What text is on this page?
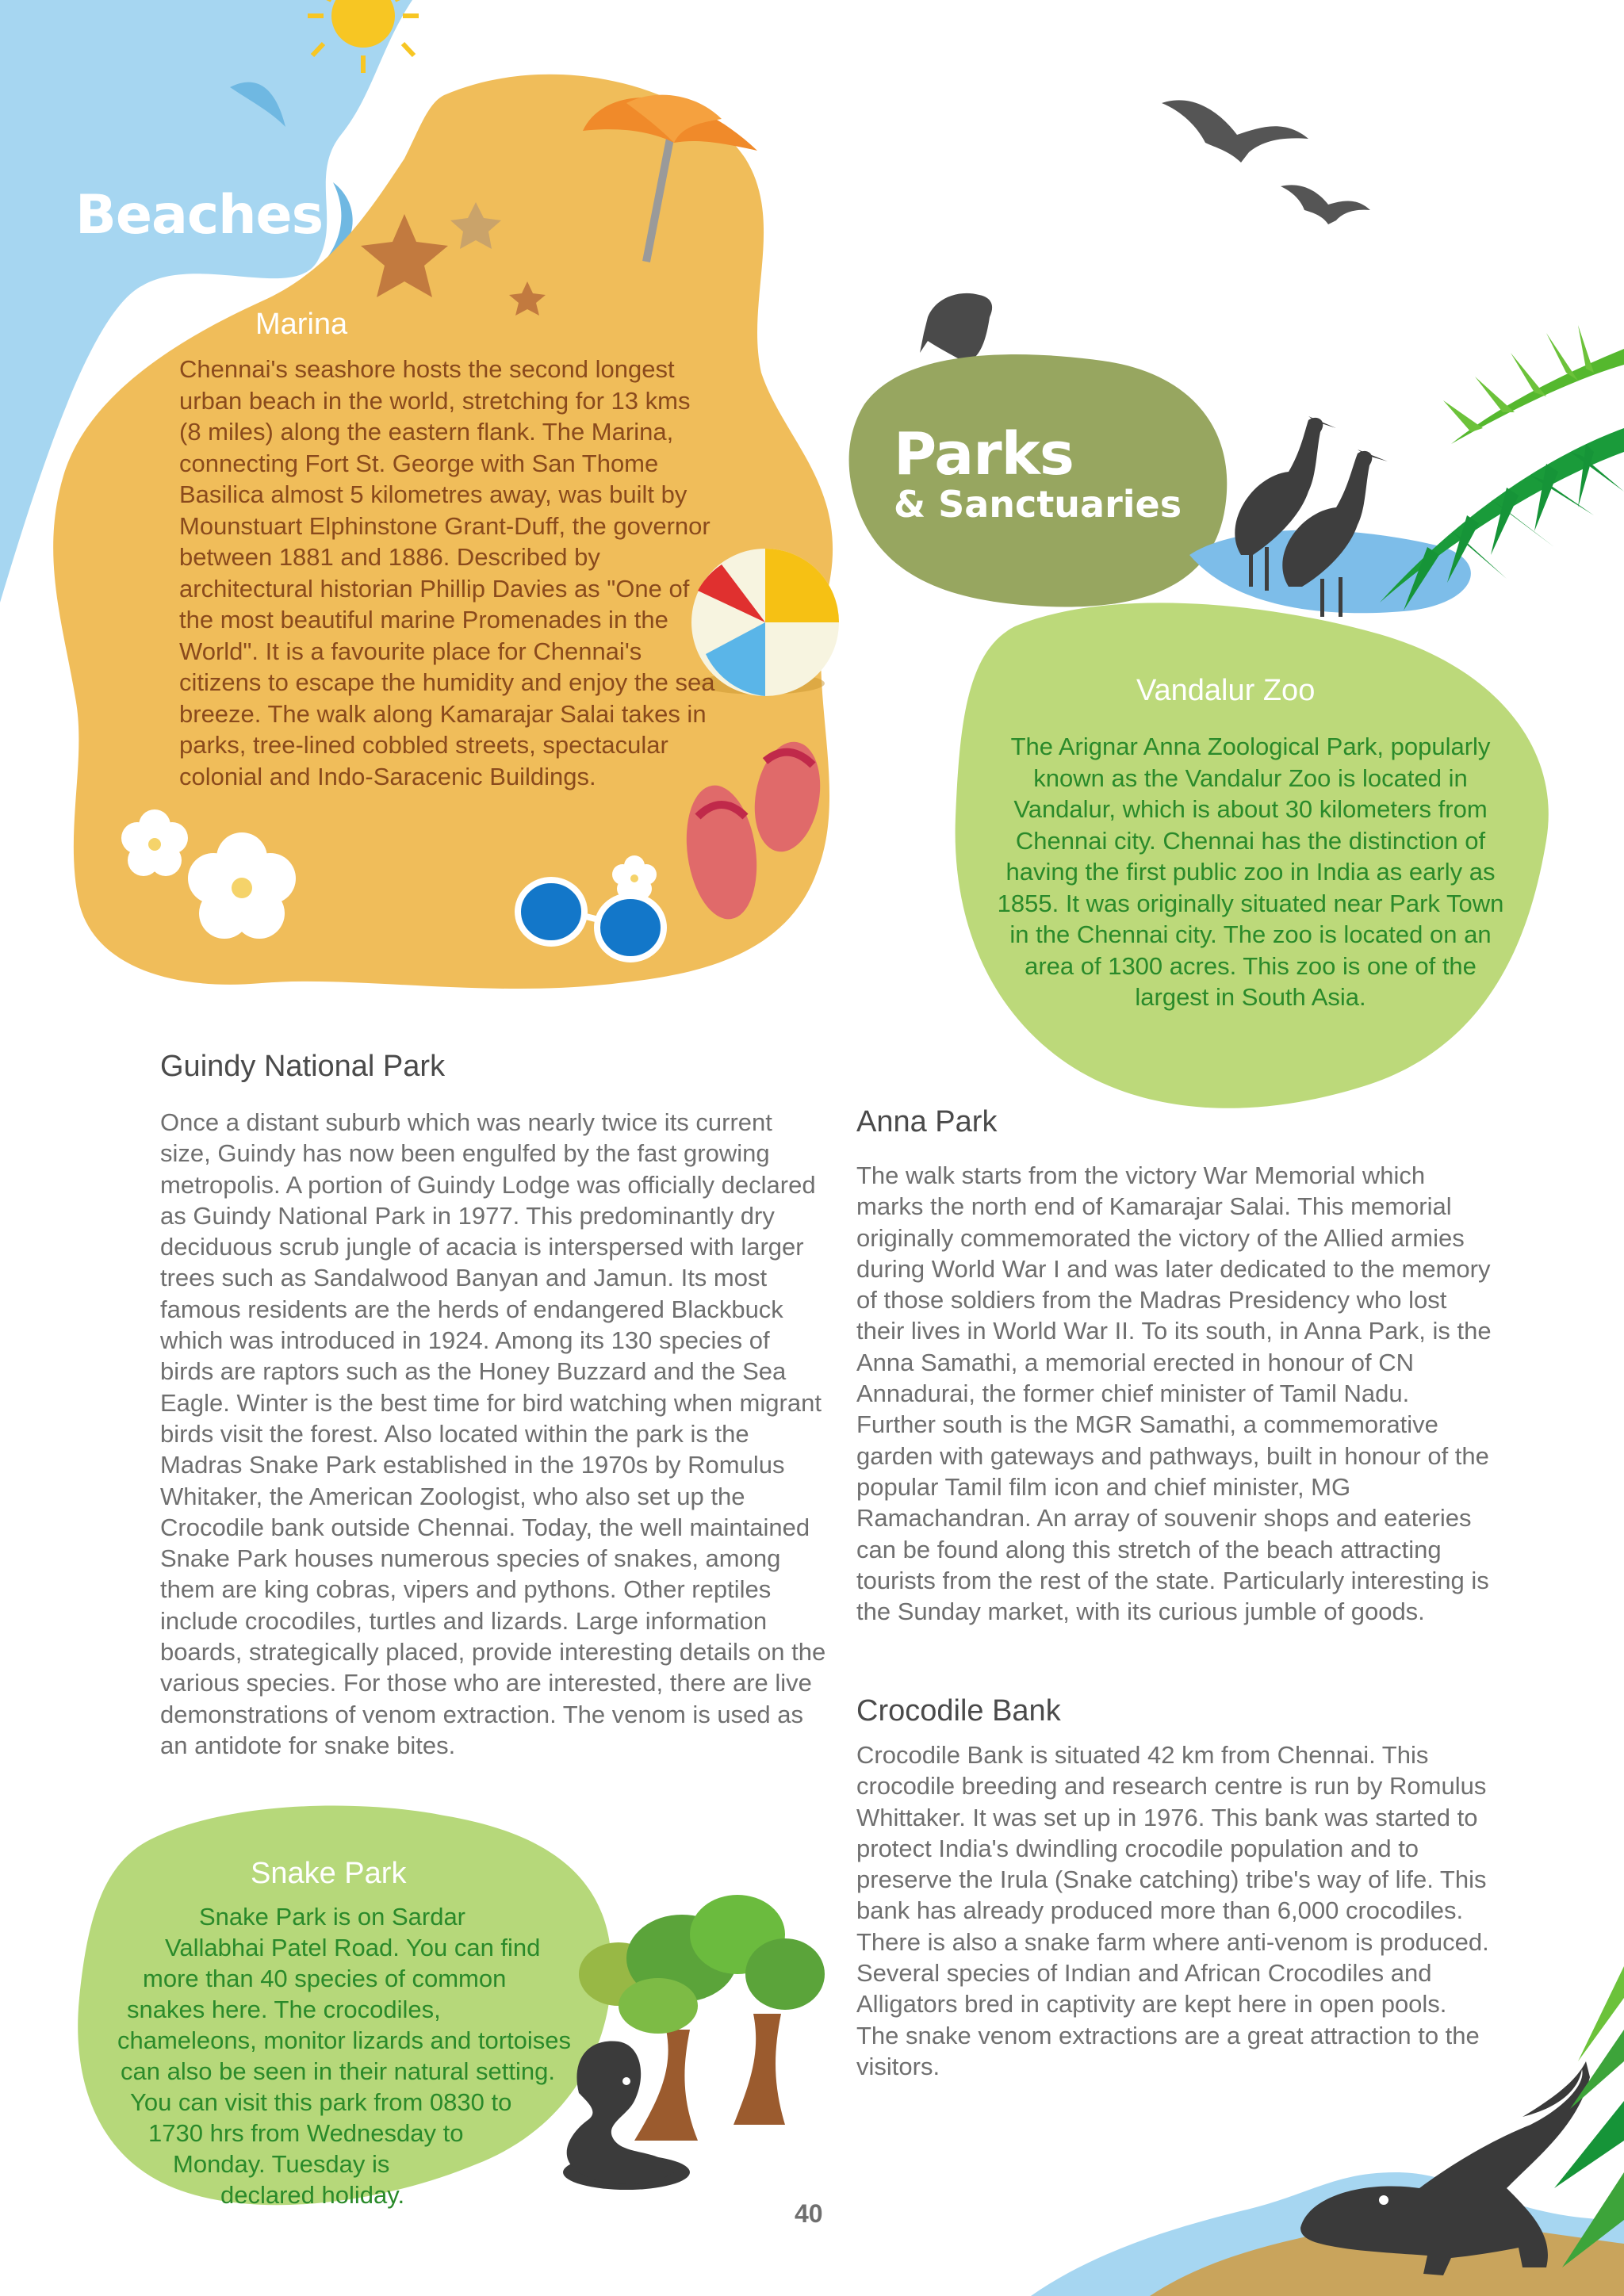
Beaches
Marina

Chennai's seashore hosts the second longest urban beach in the world, stretching for 13 kms (8 miles) along the eastern flank. The Marina, connecting Fort St. George with San Thome Basilica almost 5 kilometres away, was built by Mounstuart Elphinstone Grant-Duff, the governor between 1881 and 1886. Described by architectural historian Phillip Davies as "One of the most beautiful marine Promenades in the World". It is a favourite place for Chennai's citizens to escape the humidity and enjoy the sea breeze. The walk along Kamarajar Salai takes in parks, tree-lined cobbled streets, spectacular colonial and Indo-Saracenic Buildings.

Parks
& Sanctuaries
Vandalur Zoo

The Arignar Anna Zoological Park, popularly known as the Vandalur Zoo is located in Vandalur, which is about 30 kilometers from Chennai city. Chennai has the distinction of having the first public zoo in India as early as 1855. It was originally situated near Park Town in the Chennai city. The zoo is located on an area of 1300 acres. This zoo is one of the largest in South Asia.

Guindy National Park

Once a distant suburb which was nearly twice its current size, Guindy has now been engulfed by the fast growing metropolis. A portion of Guindy Lodge was officially declared as Guindy National Park in 1977. This predominantly dry deciduous scrub jungle of acacia is interspersed with larger trees such as Sandalwood Banyan and Jamun. Its most famous residents are the herds of endangered Blackbuck which was introduced in 1924. Among its 130 species of birds are raptors such as the Honey Buzzard and the Sea Eagle. Winter is the best time for bird watching when migrant birds visit the forest. Also located within the park is the Madras Snake Park established in the 1970s by Romulus Whitaker, the American Zoologist, who also set up the Crocodile bank outside Chennai. Today, the well maintained Snake Park houses numerous species of snakes, among them are king cobras, vipers and pythons. Other reptiles include crocodiles, turtles and lizards. Large information boards, strategically placed, provide interesting details on the various species. For those who are interested, there are live demonstrations of venom extraction. The venom is used as an antidote for snake bites.

Anna Park

The walk starts from the victory War Memorial which marks the north end of Kamarajar Salai. This memorial originally commemorated the victory of the Allied armies during World War I and was later dedicated to the memory of those soldiers from the Madras Presidency who lost their lives in World War II. To its south, in Anna Park, is the Anna Samathi, a memorial erected in honour of CN Annadurai, the former chief minister of Tamil Nadu. Further south is the MGR Samathi, a commemorative garden with gateways and pathways, built in honour of the popular Tamil film icon and chief minister, MG Ramachandran. An array of souvenir shops and eateries can be found along this stretch of the beach attracting tourists from the rest of the state. Particularly interesting is the Sunday market, with its curious jumble of goods.

Crocodile Bank

Crocodile Bank is situated 42 km from Chennai. This crocodile breeding and research centre is run by Romulus Whittaker. It was set up in 1976. This bank was started to protect India's dwindling crocodile population and to preserve the Irula (Snake catching) tribe's way of life. This bank has already produced more than 6,000 crocodiles. There is also a snake farm where anti-venom is produced. Several species of Indian and African Crocodiles and Alligators bred in captivity are kept here in open pools. The snake venom extractions are a great attraction to the visitors.

Snake Park
Snake Park is on Sardar
Vallabhai Patel Road. You can find
more than 40 species of common
snakes here. The crocodiles,
chameleons, monitor lizards and tortoises
can also be seen in their natural setting.
You can visit this park from 0830 to
1730 hrs from Wednesday to
Monday. Tuesday is
declared holiday.
40
